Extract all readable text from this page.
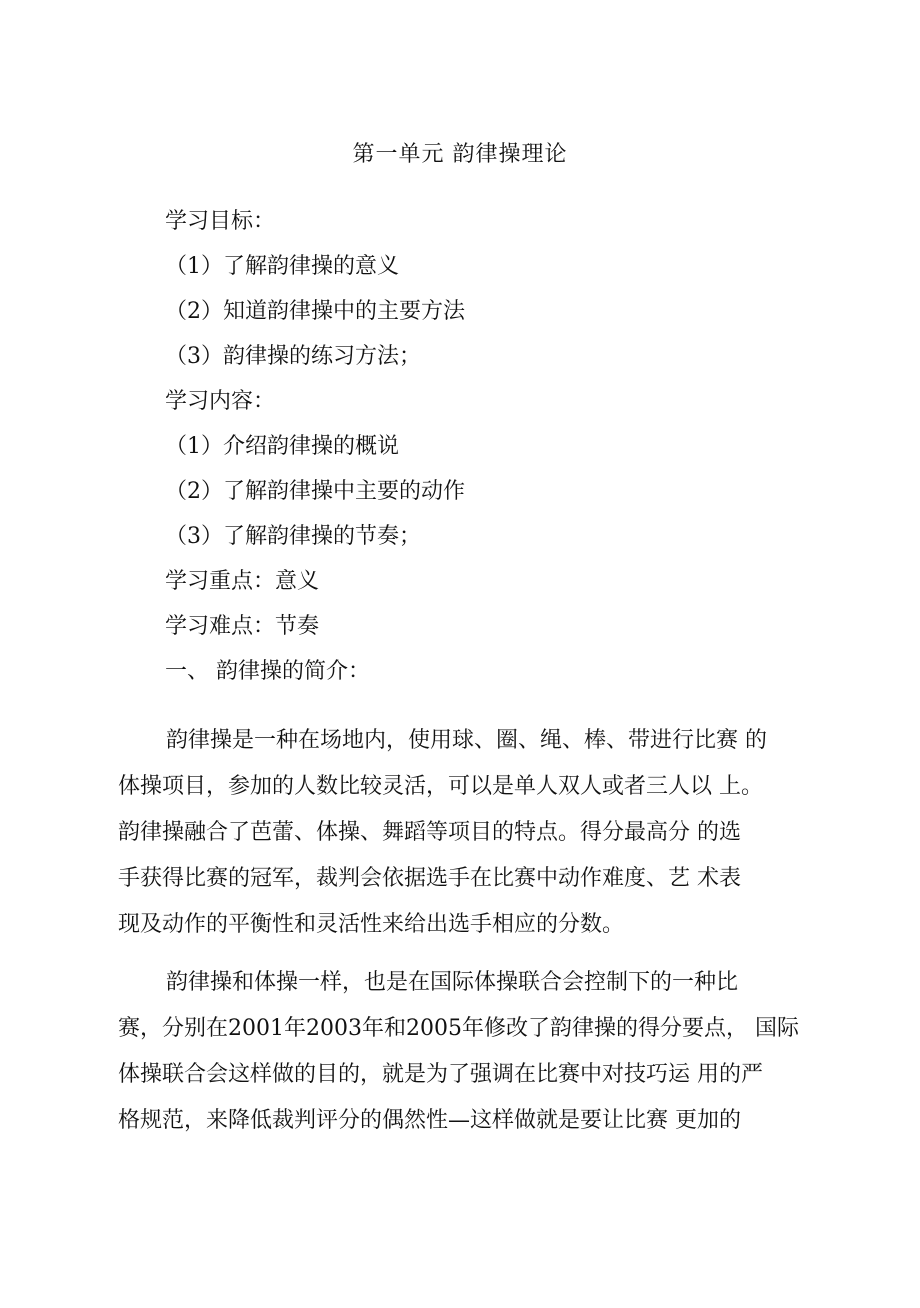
第一单元 韵律操理论
学习目标：
（1）了解韵律操的意义
（2）知道韵律操中的主要方法
（3）韵律操的练习方法；
学习内容：
（1）介绍韵律操的概说
（2）了解韵律操中主要的动作
（3）了解韵律操的节奏；
学习重点：意义
学习难点：节奏
一、 韵律操的简介：
韵律操是一种在场地内，使用球、圈、绳、棒、带进行比赛 的
体操项目，参加的人数比较灵活，可以是单人双人或者三人以 上。
韵律操融合了芭蕾、体操、舞蹈等项目的特点。得分最高分 的选
手获得比赛的冠军，裁判会依据选手在比赛中动作难度、艺 术表
现及动作的平衡性和灵活性来给出选手相应的分数。
韵律操和体操一样，也是在国际体操联合会控制下的一种比
赛，分别在2001年2003年和2005年修改了韵律操的得分要点， 国际
体操联合会这样做的目的，就是为了强调在比赛中对技巧运 用的严
格规范，来降低裁判评分的偶然性—这样做就是要让比赛 更加的
